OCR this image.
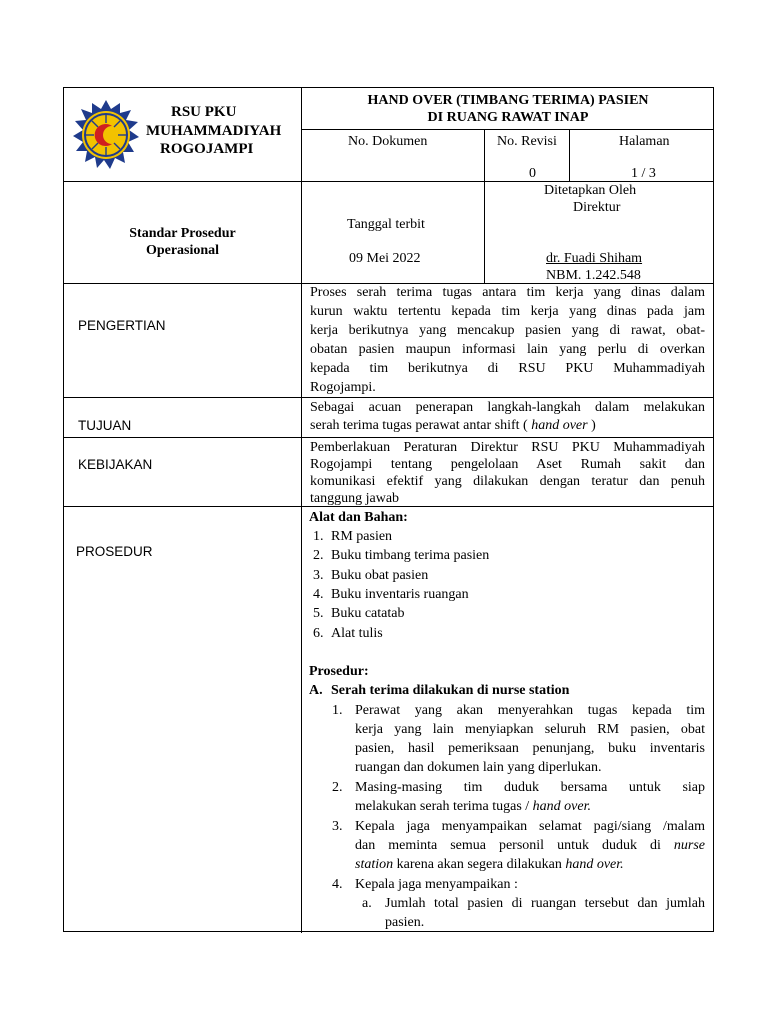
RSU PKU
MUHAMMADIYAH
ROGOJAMPI
HAND OVER (TIMBANG TERIMA) PASIEN
DI RUANG RAWAT INAP
No. Dokumen	No. Revisi
0
Halaman
1 / 3
Standar Prosedur
Operasional
Tanggal terbit
09 Mei 2022
Ditetapkan Oleh
Direktur
dr. Fuadi Shiham
NBM. 1.242.548
PENGERTIAN
Proses serah terima tugas antara tim kerja yang dinas dalam
kurun waktu tertentu kepada tim kerja yang dinas pada jam
kerja berikutnya yang mencakup pasien yang di rawat, obat-
obatan pasien maupun informasi lain yang perlu di overkan
kepada tim berikutnya di RSU PKU Muhammadiyah
Rogojampi.
TUJUAN
Sebagai acuan penerapan langkah-langkah dalam melakukan
serah terima tugas perawat antar shift ( hand over )
KEBIJAKAN
Pemberlakuan Peraturan Direktur RSU PKU Muhammadiyah
Rogojampi tentang pengelolaan Aset Rumah sakit dan
komunikasi efektif yang dilakukan dengan teratur dan penuh
tanggung jawab
PROSEDUR
Alat dan Bahan:
1. RM pasien
2. Buku timbang terima pasien
3. Buku obat pasien
4. Buku inventaris ruangan
5. Buku catatab
6. Alat tulis
Prosedur:
A. Serah terima dilakukan di nurse station
1. Perawat yang akan menyerahkan tugas kepada tim
kerja yang lain menyiapkan seluruh RM pasien, obat
pasien, hasil pemeriksaan penunjang, buku inventaris
ruangan dan dokumen lain yang diperlukan.
2. Masing-masing tim duduk bersama untuk siap
melakukan serah terima tugas / hand over.
3. Kepala jaga menyampaikan selamat pagi/siang /malam
dan meminta semua personil untuk duduk di nurse
station karena akan segera dilakukan hand over.
4. Kepala jaga menyampaikan :
a. Jumlah total pasien di ruangan tersebut dan jumlah
pasien.
